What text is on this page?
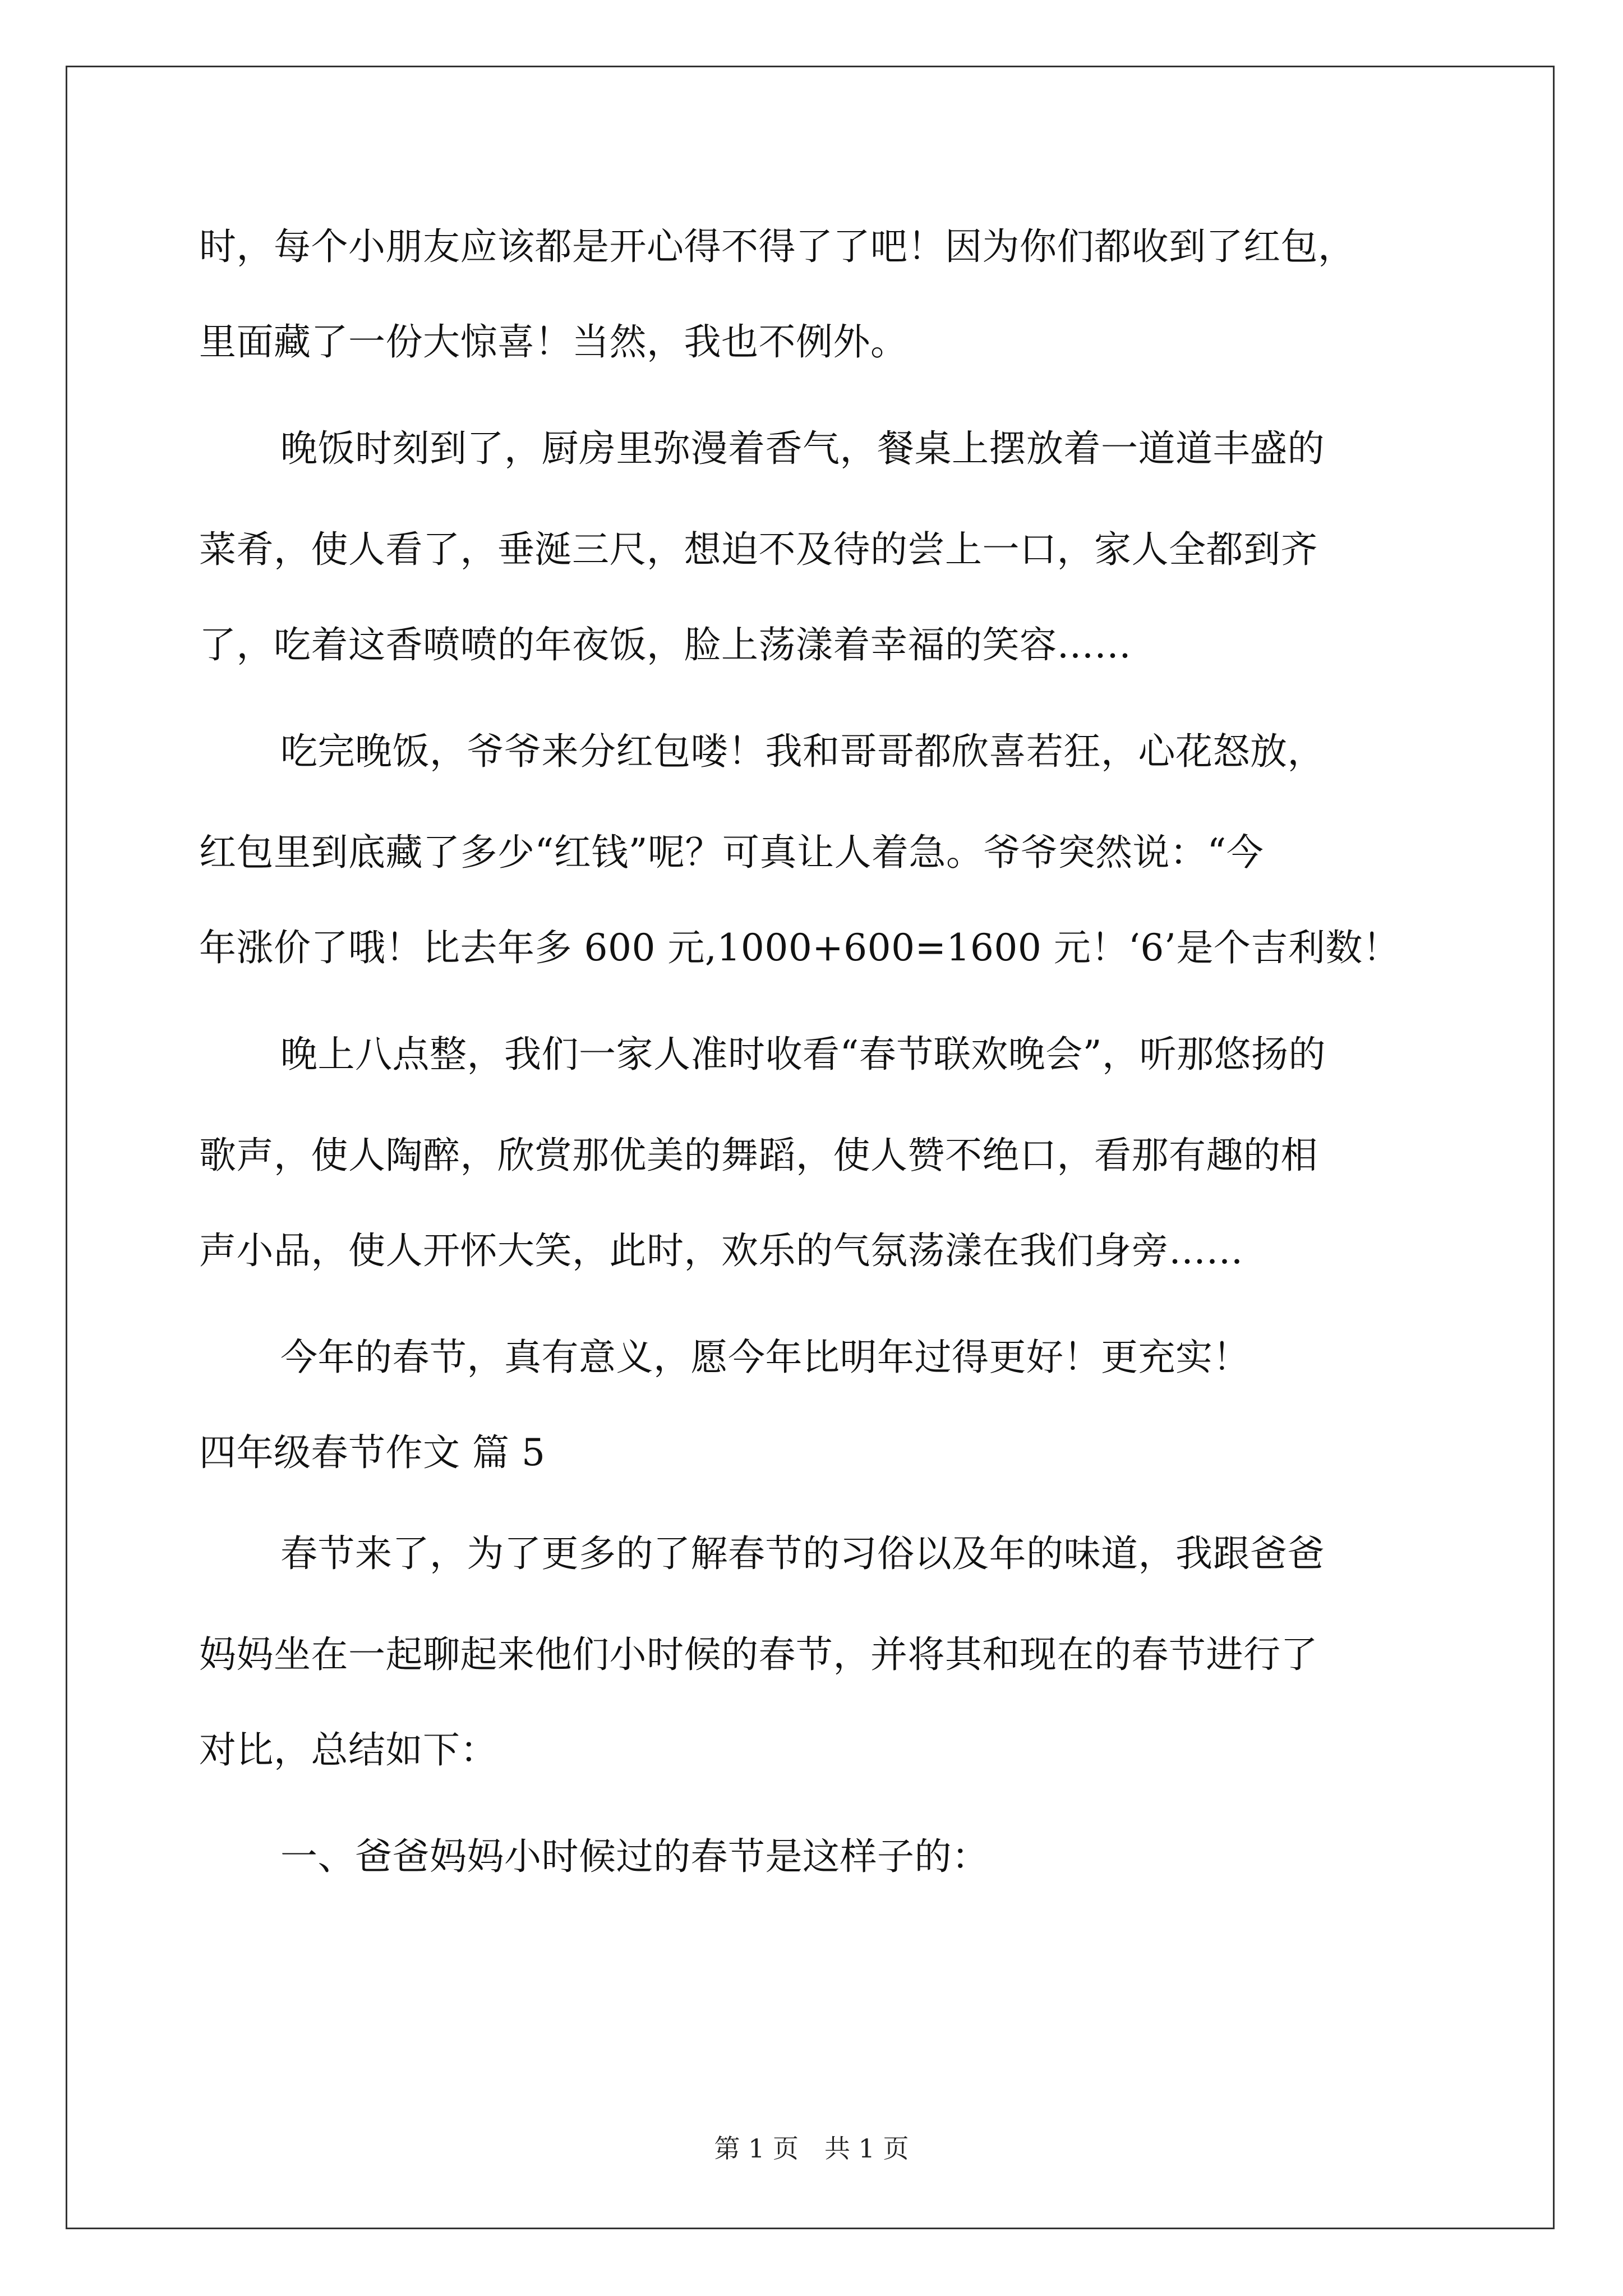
时，每个小朋友应该都是开心得不得了了吧！因为你们都收到了红包，
里面藏了一份大惊喜！当然，我也不例外。
晚饭时刻到了，厨房里弥漫着香气，餐桌上摆放着一道道丰盛的
菜肴，使人看了，垂涎三尺，想迫不及待的尝上一口，家人全都到齐
了，吃着这香喷喷的年夜饭，脸上荡漾着幸福的笑容……
吃完晚饭，爷爷来分红包喽！我和哥哥都欣喜若狂，心花怒放，
红包里到底藏了多少“红钱”呢？可真让人着急。爷爷突然说：“今
年涨价了哦！比去年多 600 元,1000+600=1600 元！‘6’是个吉利数！
晚上八点整，我们一家人准时收看“春节联欢晚会”，听那悠扬的
歌声，使人陶醉，欣赏那优美的舞蹈，使人赞不绝口，看那有趣的相
声小品，使人开怀大笑，此时，欢乐的气氛荡漾在我们身旁……
今年的春节，真有意义，愿今年比明年过得更好！更充实！
四年级春节作文 篇 5
春节来了，为了更多的了解春节的习俗以及年的味道，我跟爸爸
妈妈坐在一起聊起来他们小时候的春节，并将其和现在的春节进行了
对比，总结如下：
一、爸爸妈妈小时候过的春节是这样子的：
第 1 页　共 1 页
